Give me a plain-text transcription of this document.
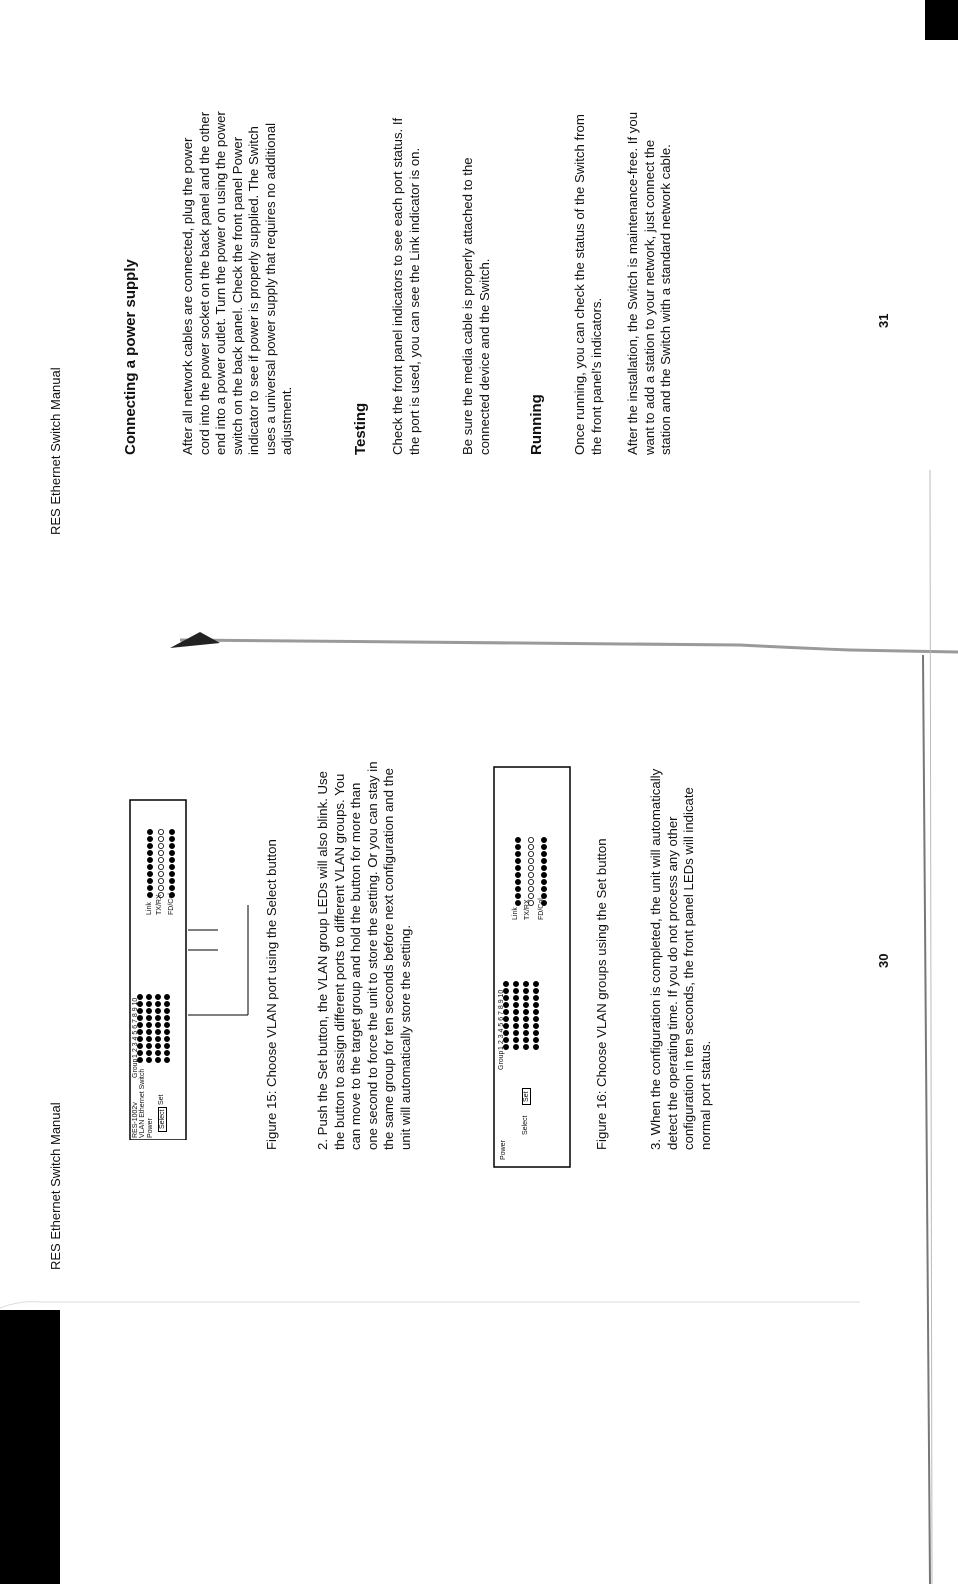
RES Ethernet Switch Manual
30
RES-1002v VLAN Ethernet Switch Power Select
Set
Group
1 2 3 4 5 6 7 8 9 10
Link TX/RX FD/Col	Figure 15: Choose VLAN port using the Select button	2. Push the Set button, the VLAN group LEDs will also blink. Use the button to assign different ports to different VLAN groups. You can move to the target group and hold the button for more than one second to force the unit to store the setting. Or you can stay in the same group for ten seconds before next configuration and the unit will automatically store the setting.
Power
Select
Set
Group
1 2 3 4 5 6 7 8 9 10
Link TX/RX FD/Col	Figure 16: Choose VLAN groups using the Set button	3. When the configuration is completed, the unit will automatically detect the operating time. If you do not process any other configuration in ten seconds, the front panel LEDs will indicate normal port status.
RES Ethernet Switch Manual
31
Connecting a power supply	After all network cables are connected, plug the power cord into the power socket on the back panel and the other end into a power outlet. Turn the power on using the power switch on the back panel. Check the front panel Power indicator to see if power is properly supplied. The Switch uses a universal power supply that requires no additional adjustment.	Testing Check the front panel indicators to see each port status. If the port is used, you can see the Link indicator is on.	Be sure the media cable is properly attached to the connected device and the Switch. Running Once running, you can check the status of the Switch from the front panel's indicators. After the installation, the Switch is maintenance-free. If you want to add a station to your network, just connect the station and the Switch with a standard network cable.
